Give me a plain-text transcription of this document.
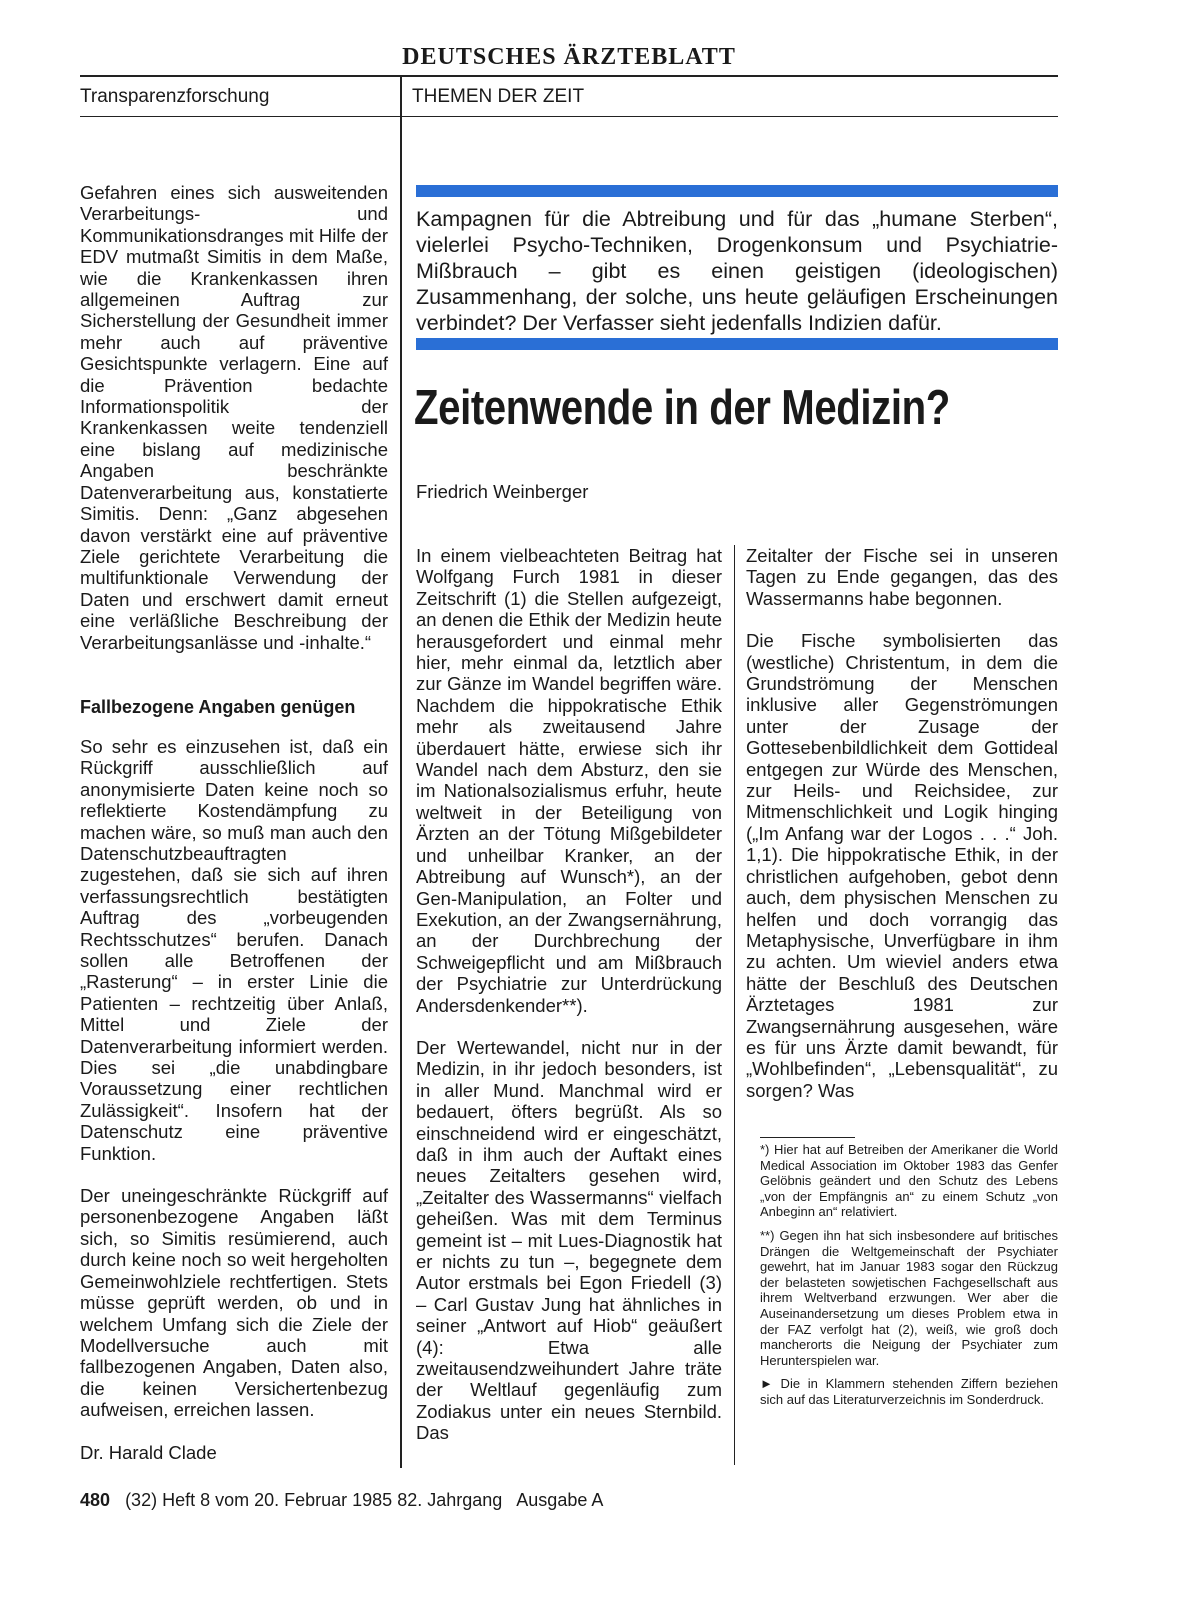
DEUTSCHES ÄRZTEBLATT
Transparenzforschung	THEMEN DER ZEIT

Gefahren eines sich ausweitenden Verarbeitungs- und Kommunikationsdranges mit Hilfe der EDV mutmaßt Simitis in dem Maße, wie die Krankenkassen ihren allgemeinen Auftrag zur Sicherstellung der Gesundheit immer mehr auch auf präventive Gesichtspunkte verlagern. Eine auf die Prävention bedachte Informationspolitik der Krankenkassen weite tendenziell eine bislang auf medizinische Angaben beschränkte Datenverarbeitung aus, konstatierte Simitis. Denn: „Ganz abgesehen davon verstärkt eine auf präventive Ziele gerichtete Verarbeitung die multifunktionale Verwendung der Daten und erschwert damit erneut eine verläßliche Beschreibung der Verarbeitungsanlässe und -inhalte.“

Fallbezogene Angaben genügen

So sehr es einzusehen ist, daß ein Rückgriff ausschließlich auf anonymisierte Daten keine noch so reflektierte Kostendämpfung zu machen wäre, so muß man auch den Datenschutzbeauftragten zugestehen, daß sie sich auf ihren verfassungsrechtlich bestätigten Auftrag des „vorbeugenden Rechtsschutzes“ berufen. Danach sollen alle Betroffenen der „Rasterung“ – in erster Linie die Patienten – rechtzeitig über Anlaß, Mittel und Ziele der Datenverarbeitung informiert werden. Dies sei „die unabdingbare Voraussetzung einer rechtlichen Zulässigkeit“. Insofern hat der Datenschutz eine präventive Funktion.

Der uneingeschränkte Rückgriff auf personenbezogene Angaben läßt sich, so Simitis resümierend, auch durch keine noch so weit hergeholten Gemeinwohlziele rechtfertigen. Stets müsse geprüft werden, ob und in welchem Umfang sich die Ziele der Modellversuche auch mit fallbezogenen Angaben, Daten also, die keinen Versichertenbezug aufweisen, erreichen lassen.

Dr. Harald Clade
Kampagnen für die Abtreibung und für das „humane Sterben“, vielerlei Psycho-Techniken, Drogenkonsum und Psychiatrie-Mißbrauch – gibt es einen geistigen (ideologischen) Zusammenhang, der solche, uns heute geläufigen Erscheinungen verbindet? Der Verfasser sieht jedenfalls Indizien dafür.
Zeitenwende in der Medizin?
Friedrich Weinberger

In einem vielbeachteten Beitrag hat Wolfgang Furch 1981 in dieser Zeitschrift (1) die Stellen aufgezeigt, an denen die Ethik der Medizin heute herausgefordert und einmal mehr hier, mehr einmal da, letztlich aber zur Gänze im Wandel begriffen wäre. Nachdem die hippokratische Ethik mehr als zweitausend Jahre überdauert hätte, erwiese sich ihr Wandel nach dem Absturz, den sie im Nationalsozialismus erfuhr, heute weltweit in der Beteiligung von Ärzten an der Tötung Mißgebildeter und unheilbar Kranker, an der Abtreibung auf Wunsch*), an der Gen-Manipulation, an Folter und Exekution, an der Zwangsernährung, an der Durchbrechung der Schweigepflicht und am Mißbrauch der Psychiatrie zur Unterdrückung Andersdenkender**).

Der Wertewandel, nicht nur in der Medizin, in ihr jedoch besonders, ist in aller Mund. Manchmal wird er bedauert, öfters begrüßt. Als so einschneidend wird er eingeschätzt, daß in ihm auch der Auftakt eines neues Zeitalters gesehen wird, „Zeitalter des Wassermanns“ vielfach geheißen. Was mit dem Terminus gemeint ist – mit Lues-Diagnostik hat er nichts zu tun –, begegnete dem Autor erstmals bei Egon Friedell (3) – Carl Gustav Jung hat ähnliches in seiner „Antwort auf Hiob“ geäußert (4): Etwa alle zweitausendzweihundert Jahre träte der Weltlauf gegenläufig zum Zodiakus unter ein neues Sternbild. Das

Zeitalter der Fische sei in unseren Tagen zu Ende gegangen, das des Wassermanns habe begonnen.

Die Fische symbolisierten das (westliche) Christentum, in dem die Grundströmung der Menschen inklusive aller Gegenströmungen unter der Zusage der Gottesebenbildlichkeit dem Gottideal entgegen zur Würde des Menschen, zur Heils- und Reichsidee, zur Mitmenschlichkeit und Logik hinging („Im Anfang war der Logos . . .“ Joh. 1,1). Die hippokratische Ethik, in der christlichen aufgehoben, gebot denn auch, dem physischen Menschen zu helfen und doch vorrangig das Metaphysische, Unverfügbare in ihm zu achten. Um wieviel anders etwa hätte der Beschluß des Deutschen Ärztetages 1981 zur Zwangsernährung ausgesehen, wäre es für uns Ärzte damit bewandt, für „Wohlbefinden“, „Lebensqualität“, zu sorgen? Was

*) Hier hat auf Betreiben der Amerikaner die World Medical Association im Oktober 1983 das Genfer Gelöbnis geändert und den Schutz des Lebens „von der Empfängnis an“ zu einem Schutz „von Anbeginn an“ relativiert.

**) Gegen ihn hat sich insbesondere auf britisches Drängen die Weltgemeinschaft der Psychiater gewehrt, hat im Januar 1983 sogar den Rückzug der belasteten sowjetischen Fachgesellschaft aus ihrem Weltverband erzwungen. Wer aber die Auseinandersetzung um dieses Problem etwa in der FAZ verfolgt hat (2), weiß, wie groß doch mancherorts die Neigung der Psychiater zum Herunterspielen war.

► Die in Klammern stehenden Ziffern beziehen sich auf das Literaturverzeichnis im Sonderdruck.

480 (32) Heft 8 vom 20. Februar 1985 82. Jahrgang   Ausgabe A
